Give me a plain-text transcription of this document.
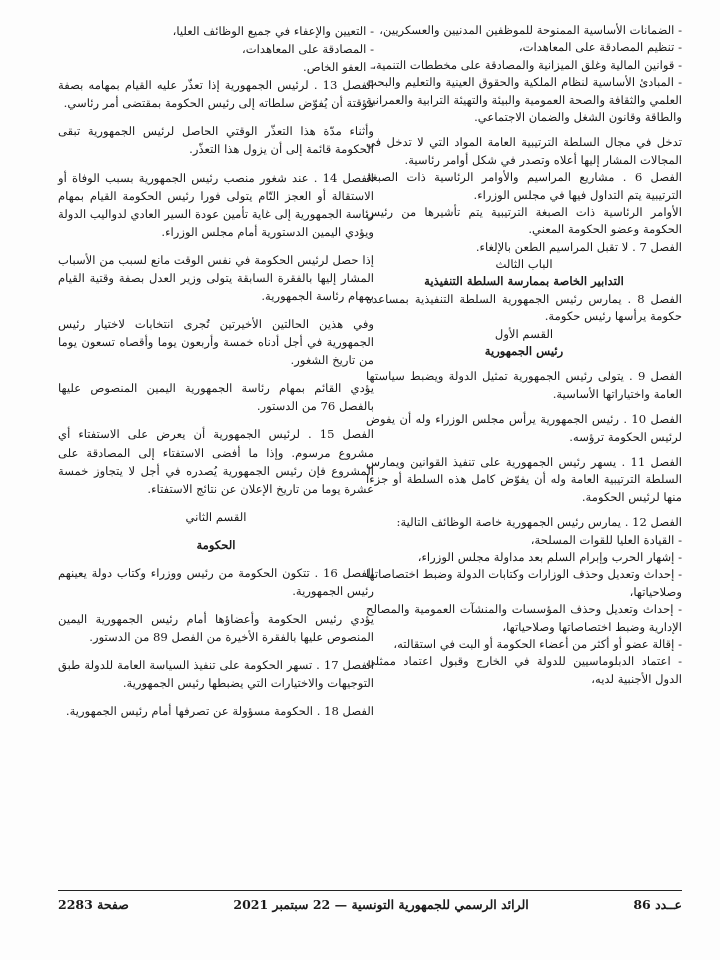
- الضمانات الأساسية الممنوحة للموظفين المدنيين والعسكريين،

- تنظيم المصادقة على المعاهدات،

- قوانين المالية وغلق الميزانية والمصادقة على مخططات التنمية،

- المبادئ الأساسية لنظام الملكية والحقوق العينية والتعليم والبحث العلمي والثقافة والصحة العمومية والبيئة والتهيئة الترابية والعمرانية والطاقة وقانون الشغل والضمان الاجتماعي.

تدخل في مجال السلطة الترتيبية العامة المواد التي لا تدخل في المجالات المشار إليها أعلاه وتصدر في شكل أوامر رئاسية.

الفصل 6 . مشاريع المراسيم والأوامر الرئاسية ذات الصبغة الترتيبية يتم التداول فيها في مجلس الوزراء.

الأوامر الرئاسية ذات الصبغة الترتيبية يتم تأشيرها من رئيس الحكومة وعضو الحكومة المعني.

الفصل 7 . لا تقبل المراسيم الطعن بالإلغاء.

الباب الثالث

التدابير الخاصة بممارسة السلطة التنفيذية

الفصل 8 . يمارس رئيس الجمهورية السلطة التنفيذية بمساعدة حكومة يرأسها رئيس حكومة.

القسم الأول

رئيس الجمهورية

الفصل 9 . يتولى رئيس الجمهورية تمثيل الدولة ويضبط سياستها العامة واختياراتها الأساسية.

الفصل 10 . رئيس الجمهورية يرأس مجلس الوزراء وله أن يفوض لرئيس الحكومة ترؤسه.

الفصل 11 . يسهر رئيس الجمهورية على تنفيذ القوانين ويمارس السلطة الترتيبية العامة وله أن يفوّض كامل هذه السلطة أو جزءا منها لرئيس الحكومة.

الفصل 12 . يمارس رئيس الجمهورية خاصة الوظائف التالية:

- القيادة العليا للقوات المسلحة،

- إشهار الحرب وإبرام السلم بعد مداولة مجلس الوزراء،

- إحداث وتعديل وحذف الوزارات وكتابات الدولة وضبط اختصاصاتها وصلاحياتها،

- إحداث وتعديل وحذف المؤسسات والمنشآت العمومية والمصالح الإدارية وضبط اختصاصاتها وصلاحياتها،

- إقالة عضو أو أكثر من أعضاء الحكومة أو البت في استقالته،

- اعتماد الدبلوماسيين للدولة في الخارج وقبول اعتماد ممثلي الدول الأجنبية لديه،

- التعيين والإعفاء في جميع الوظائف العليا،

- المصادقة على المعاهدات،

- العفو الخاص.

الفصل 13 . لرئيس الجمهورية إذا تعذّر عليه القيام بمهامه بصفة مؤقتة أن يُفوّض سلطاته إلى رئيس الحكومة بمقتضى أمر رئاسي.

وأثناء مدّة هذا التعذّر الوقتي الحاصل لرئيس الجمهورية تبقى الحكومة قائمة إلى أن يزول هذا التعذّر.

الفصل 14 . عند شغور منصب رئيس الجمهورية بسبب الوفاة أو الاستقالة أو العجز التّام يتولى فورا رئيس الحكومة القيام بمهام رئاسة الجمهورية إلى غاية تأمين عودة السير العادي لدواليب الدولة ويؤدي اليمين الدستورية أمام مجلس الوزراء.

إذا حصل لرئيس الحكومة في نفس الوقت مانع لسبب من الأسباب المشار إليها بالفقرة السابقة يتولى وزير العدل بصفة وقتية القيام بمهام رئاسة الجمهورية.

وفي هذين الحالتين الأخيرتين تُجرى انتخابات لاختيار رئيس الجمهورية في أجل أدناه خمسة وأربعون يوما وأقصاه تسعون يوما من تاريخ الشغور.

يؤدي القائم بمهام رئاسة الجمهورية اليمين المنصوص عليها بالفصل 76 من الدستور.

الفصل 15 . لرئيس الجمهورية أن يعرض على الاستفتاء أي مشروع مرسوم. وإذا ما أفضى الاستفتاء إلى المصادقة على المشروع فإن رئيس الجمهورية يُصدره في أجل لا يتجاوز خمسة عشرة يوما من تاريخ الإعلان عن نتائج الاستفتاء.

القسم الثاني

الحكومة

الفصل 16 . تتكون الحكومة من رئيس ووزراء وكتاب دولة يعينهم رئيس الجمهورية.

يؤدي رئيس الحكومة وأعضاؤها أمام رئيس الجمهورية اليمين المنصوص عليها بالفقرة الأخيرة من الفصل 89 من الدستور.

الفصل 17 . تسهر الحكومة على تنفيذ السياسة العامة للدولة طبق التوجيهات والاختيارات التي يضبطها رئيس الجمهورية.

الفصل 18 . الحكومة مسؤولة عن تصرفها أمام رئيس الجمهورية.

عــدد 86
الرائد الرسمي للجمهورية التونسية — 22 سبتمبر 2021
صفحة 2283
